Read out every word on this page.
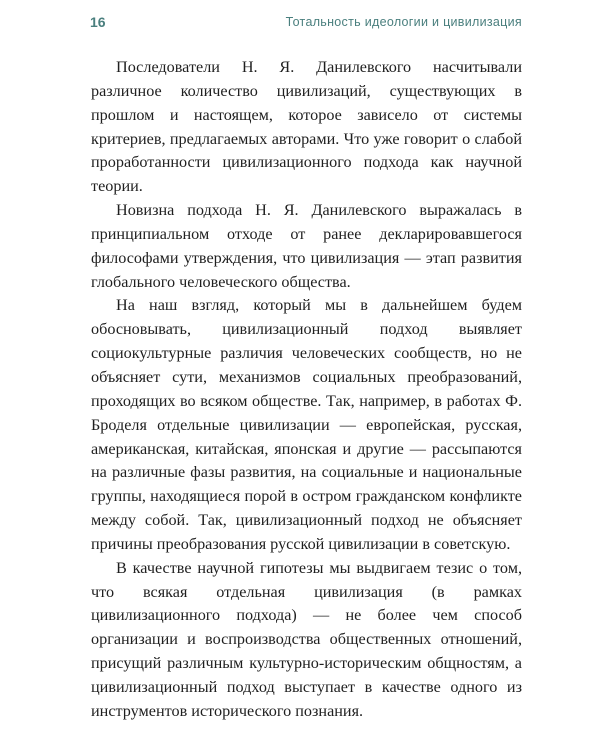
16	Тотальность идеологии и цивилизация

Последователи Н. Я. Данилевского насчитывали различное количество цивилизаций, существующих в прошлом и настоящем, которое зависело от системы критериев, предлагаемых авторами. Что уже говорит о слабой проработанности цивилизационного подхода как научной теории.

Новизна подхода Н. Я. Данилевского выражалась в принципиальном отходе от ранее декларировавшегося философами утверждения, что цивилизация — этап развития глобального человеческого общества.

На наш взгляд, который мы в дальнейшем будем обосновывать, цивилизационный подход выявляет социокультурные различия человеческих сообществ, но не объясняет сути, механизмов социальных преобразований, проходящих во всяком обществе. Так, например, в работах Ф. Броделя отдельные цивилизации — европейская, русская, американская, китайская, японская и другие — рассыпаются на различные фазы развития, на социальные и национальные группы, находящиеся порой в остром гражданском конфликте между собой. Так, цивилизационный подход не объясняет причины преобразования русской цивилизации в советскую.

В качестве научной гипотезы мы выдвигаем тезис о том, что всякая отдельная цивилизация (в рамках цивилизационного подхода) — не более чем способ организации и воспроизводства общественных отношений, присущий различным культурно-историческим общностям, а цивилизационный подход выступает в качестве одного из инструментов исторического познания.
